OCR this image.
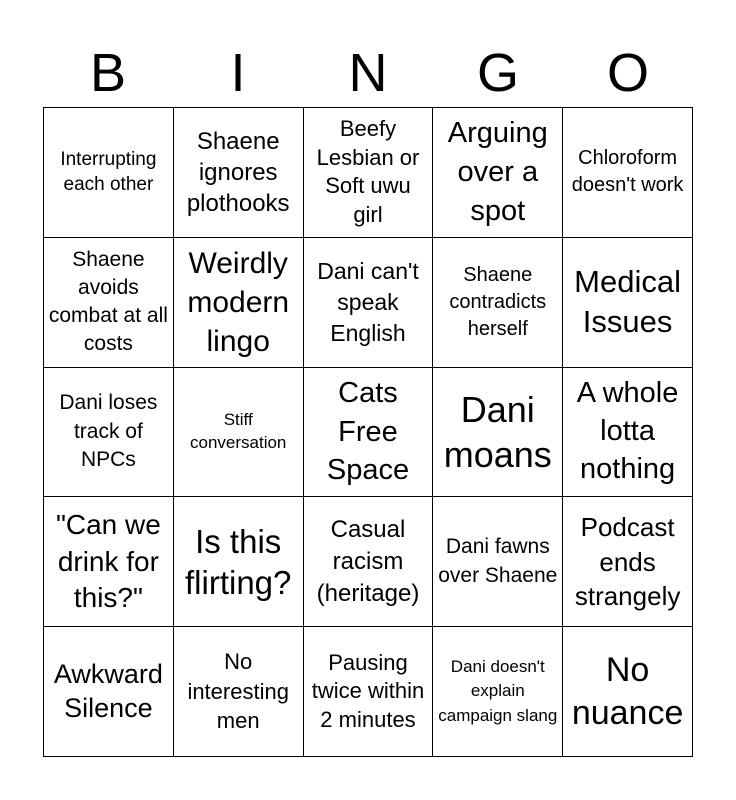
B	I	N	G	O
Interrupting each other
Shaene ignores plothooks
Beefy Lesbian or Soft uwu girl
Arguing over a spot
Chloroform doesn't work
Shaene avoids combat at all costs
Weirdly modern lingo
Dani can't speak English
Shaene contradicts herself
Medical Issues
Dani loses track of NPCs
Stiff conversation
Cats Free Space
Dani moans
A whole lotta nothing
"Can we drink for this?"
Is this flirting?
Casual racism (heritage)
Dani fawns over Shaene
Podcast ends strangely
Awkward Silence
No interesting men
Pausing twice within 2 minutes
Dani doesn't explain campaign slang
No nuance
